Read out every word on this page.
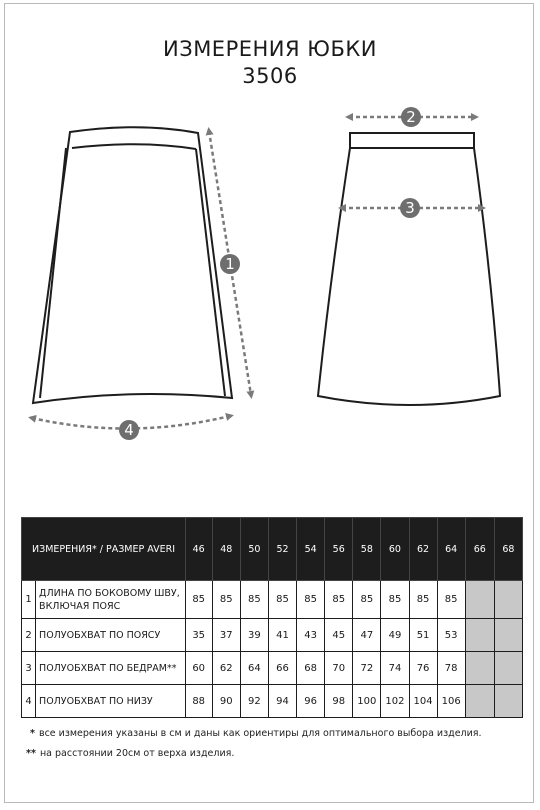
ИЗМЕРЕНИЯ ЮБКИ
3506
1
4
2
3
ИЗМЕРЕНИЯ* / РАЗМЕР AVERI		46	48	50	52	54	56	58	60	62	64	66	68
1	ДЛИНА ПО БОКОВОМУ ШВУ, ВКЛЮЧАЯ ПОЯС	85	85	85	85	85	85	85	85	85	85		
2	ПОЛУОБХВАТ ПО ПОЯСУ	35	37	39	41	43	45	47	49	51	53		
3	ПОЛУОБХВАТ ПО БЕДРАМ**	60	62	64	66	68	70	72	74	76	78		
4	ПОЛУОБХВАТ ПО НИЗУ	88	90	92	94	96	98	100	102	104	106		
* все измерения указаны в см и даны как ориентиры для оптимального выбора изделия.
** на расстоянии 20см от верха изделия.
